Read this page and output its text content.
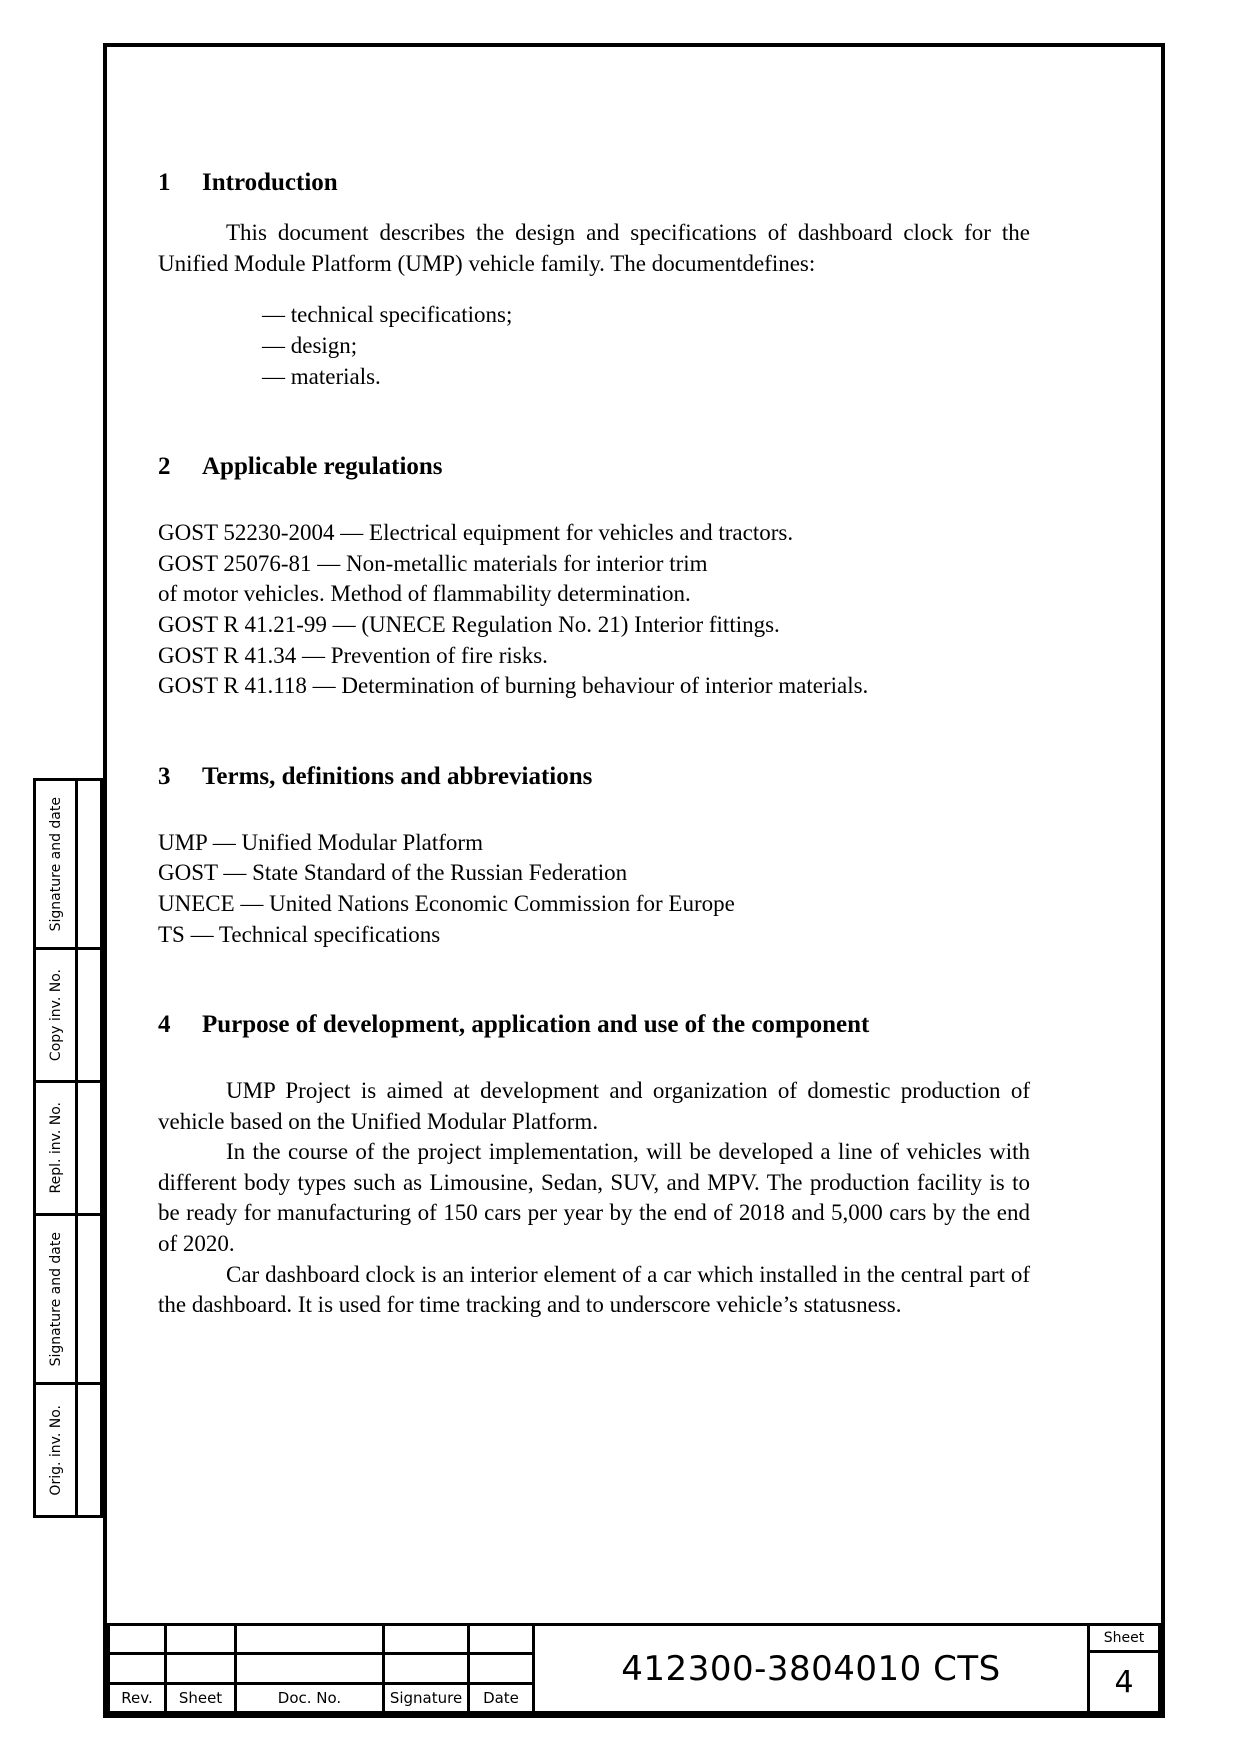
Signature and date
Copy inv. No.
Repl. inv. No.
Signature and date
Orig. inv. No.
1	Introduction

This document describes the design and specifications of dashboard clock for the Unified Module Platform (UMP) vehicle family. The documentdefines:

— technical specifications;
— design;
— materials.
2	Applicable regulations
GOST 52230-2004 — Electrical equipment for vehicles and tractors.
GOST 25076-81 — Non-metallic materials for interior trim
of motor vehicles. Method of flammability determination.
GOST R 41.21-99 — (UNECE Regulation No. 21) Interior fittings.
GOST R 41.34 — Prevention of fire risks.
GOST R 41.118 — Determination of burning behaviour of interior materials.
3	Terms, definitions and abbreviations
UMP — Unified Modular Platform
GOST — State Standard of the Russian Federation
UNECE — United Nations Economic Commission for Europe
TS — Technical specifications
4	Purpose of development, application and use of the component

UMP Project is aimed at development and organization of domestic production of vehicle based on the Unified Modular Platform.

In the course of the project implementation, will be developed a line of vehicles with different body types such as Limousine, Sedan, SUV, and MPV. The production facility is to be ready for manufacturing of 150 cars per year by the end of 2018 and 5,000 cars by the end of 2020.

Car dashboard clock is an interior element of a car which installed in the central part of the dashboard. It is used for time tracking and to underscore vehicle’s statusness.

Rev.	Sheet	Doc. No.	Signature	Date
412300-3804010 CTS
Sheet
4
